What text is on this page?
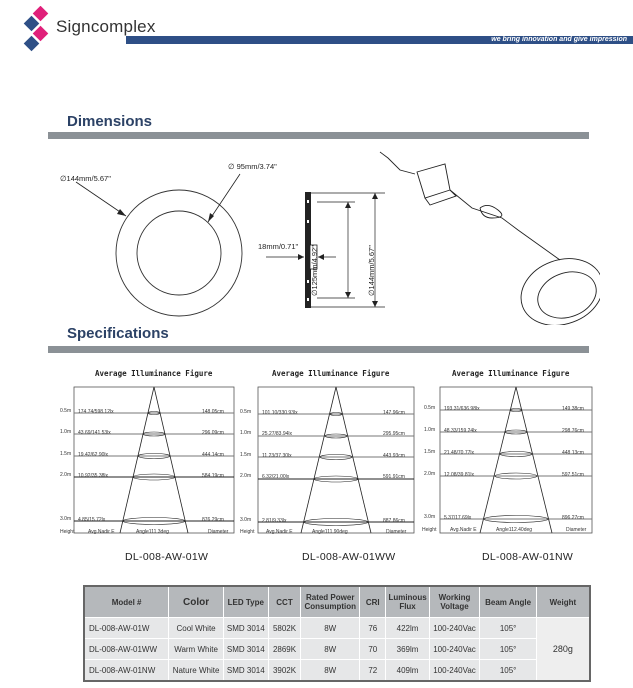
Signcomplex
we bring innovation and give impression
Dimensions
∅144mm/5.67"
∅ 95mm/3.74"
18mm/0.71" ∅125mm/4.92"	∅144mm/5.67"
Specifications
Average Illuminance Figure
0.5m
1.0m
1.5m
2.0m
3.0m
174.74/598.12lx
43.69/141.53lx
19.42/62.90lx
10.92/35.38lx
4.85/15.72lx
148.05cm
296.09cm
444.14cm
584.19cm
876.29cm
Height	Avg.Nadir E	Angle111.3deg	Diameter
DL-008-AW-01W
Average Illuminance Figure
0.5m
1.0m
1.5m
2.0m
3.0m
101.10/330.93lx
25.27/83.94lx
11.23/37.30lx
6.32/21.00lx
2.81/9.33lx
147.96cm
295.95cm
443.93cm
591.91cm
887.86cm
Height Avg.Nadir E	Angle111.90deg	Diameter
DL-008-AW-01WW
Average Illuminance Figure
0.5m
1.0m
1.5m
2.0m
3.0m
193.31/636.98lx
48.33/159.24lx
21.48/70.77lx
12.08/39.81lx
5.37/17.69lx
149.38cm
298.76cm
448.13cm
597.51cm
896.27cm
Height	Avg.Nadir E	Angle112.40deg	Diameter
DL-008-AW-01NW
Model #	Color	LED Type	CCT	Rated Power Consumption	CRI	Luminous Flux	Working Voltage	Beam Angle	Weight
DL-008-AW-01W	Cool White	SMD 3014	5802K	8W	76	422lm	100-240Vac	105°	280g
DL-008-AW-01WW	Warm White	SMD 3014	2869K	8W	70	369lm	100-240Vac	105°	
DL-008-AW-01NW	Nature White	SMD 3014	3902K	8W	72	409lm	100-240Vac	105°	
